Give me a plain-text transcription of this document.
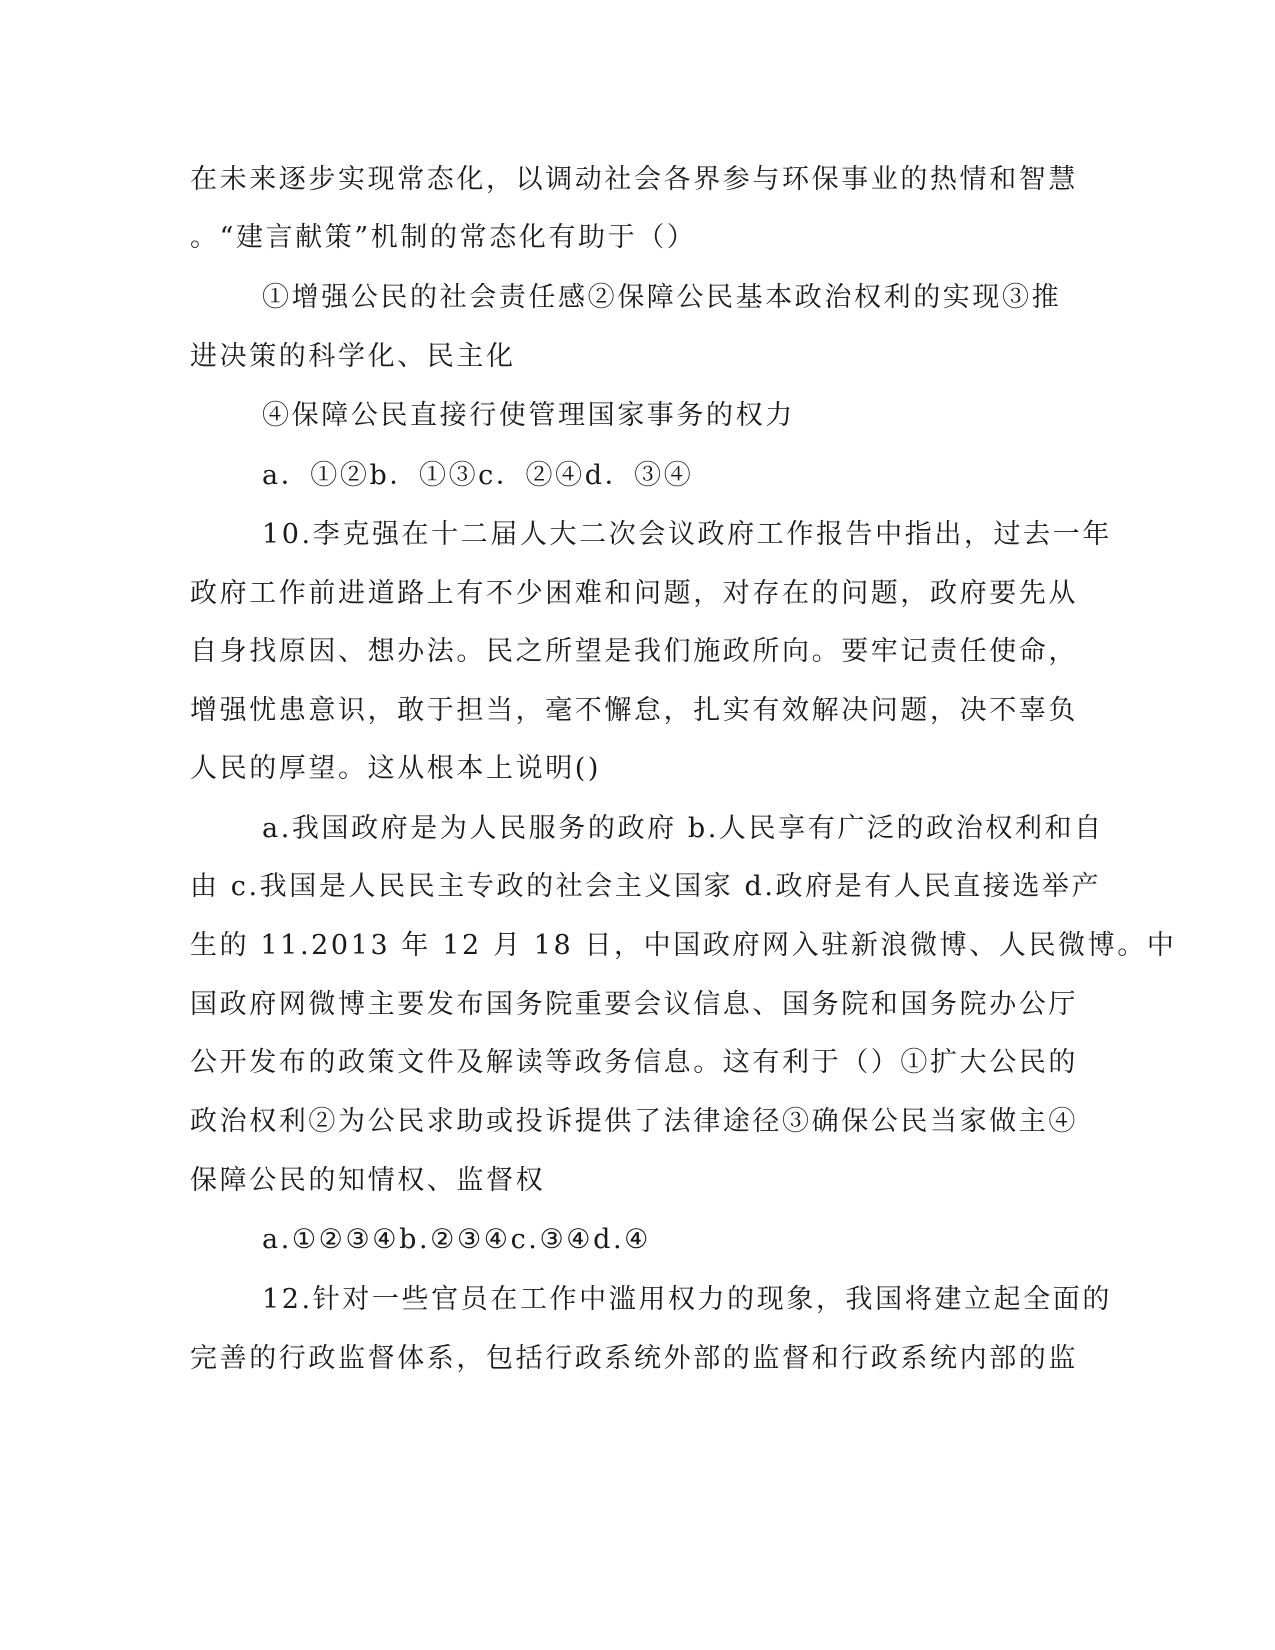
在未来逐步实现常态化，以调动社会各界参与环保事业的热情和智慧
。“建言献策”机制的常态化有助于（）
①增强公民的社会责任感②保障公民基本政治权利的实现③推
进决策的科学化、民主化
④保障公民直接行使管理国家事务的权力
a．①②b．①③c．②④d．③④
10.李克强在十二届人大二次会议政府工作报告中指出，过去一年
政府工作前进道路上有不少困难和问题，对存在的问题，政府要先从
自身找原因、想办法。民之所望是我们施政所向。要牢记责任使命，
增强忧患意识，敢于担当，毫不懈怠，扎实有效解决问题，决不辜负
人民的厚望。这从根本上说明()
a.我国政府是为人民服务的政府 b.人民享有广泛的政治权利和自
由 c.我国是人民民主专政的社会主义国家 d.政府是有人民直接选举产
生的 11.2013 年 12 月 18 日，中国政府网入驻新浪微博、人民微博。中
国政府网微博主要发布国务院重要会议信息、国务院和国务院办公厅
公开发布的政策文件及解读等政务信息。这有利于（）①扩大公民的
政治权利②为公民求助或投诉提供了法律途径③确保公民当家做主④
保障公民的知情权、监督权
a.①②③④b.②③④c.③④d.④
12.针对一些官员在工作中滥用权力的现象，我国将建立起全面的
完善的行政监督体系，包括行政系统外部的监督和行政系统内部的监
